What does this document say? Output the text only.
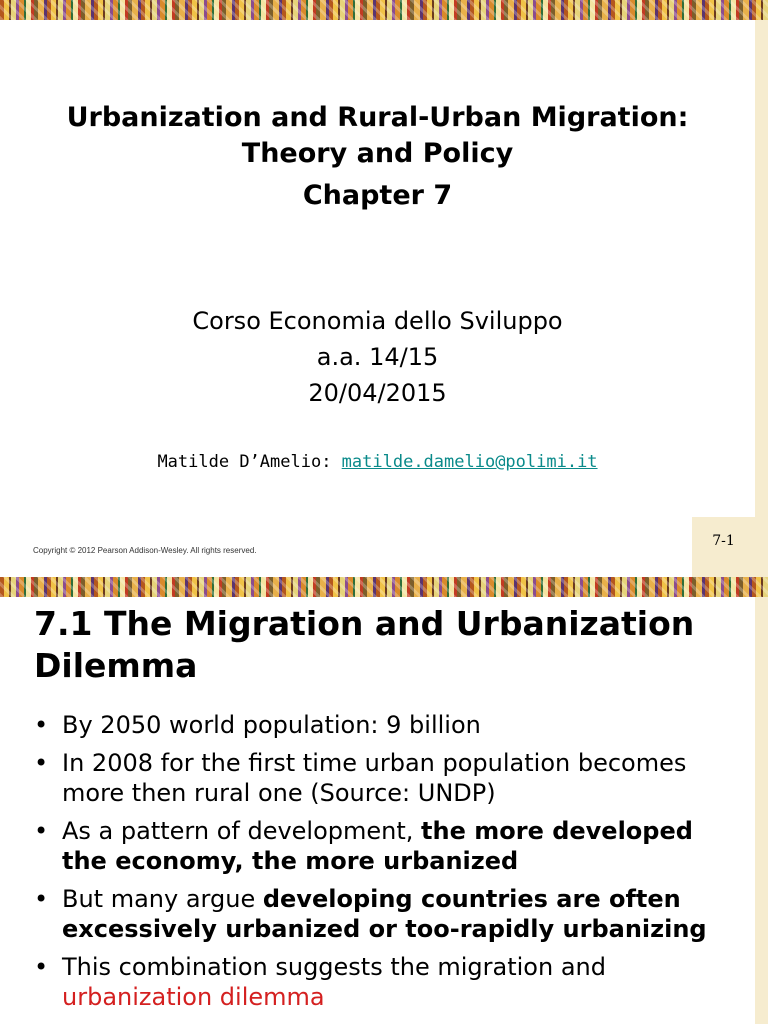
Urbanization and Rural-Urban Migration:
Theory and Policy
Chapter 7
Corso Economia dello Sviluppo
a.a. 14/15
20/04/2015
Matilde D’Amelio: matilde.damelio@polimi.it
Copyright © 2012 Pearson Addison-Wesley. All rights reserved.
7-1
7.1 The Migration and Urbanization Dilemma
• By 2050 world population: 9 billion
• In 2008 for the first time urban population becomes more then rural one (Source: UNDP)
• As a pattern of development, the more developed the economy, the more urbanized
• But many argue developing countries are often excessively urbanized or too-rapidly urbanizing
• This combination suggests the migration and urbanization dilemma
